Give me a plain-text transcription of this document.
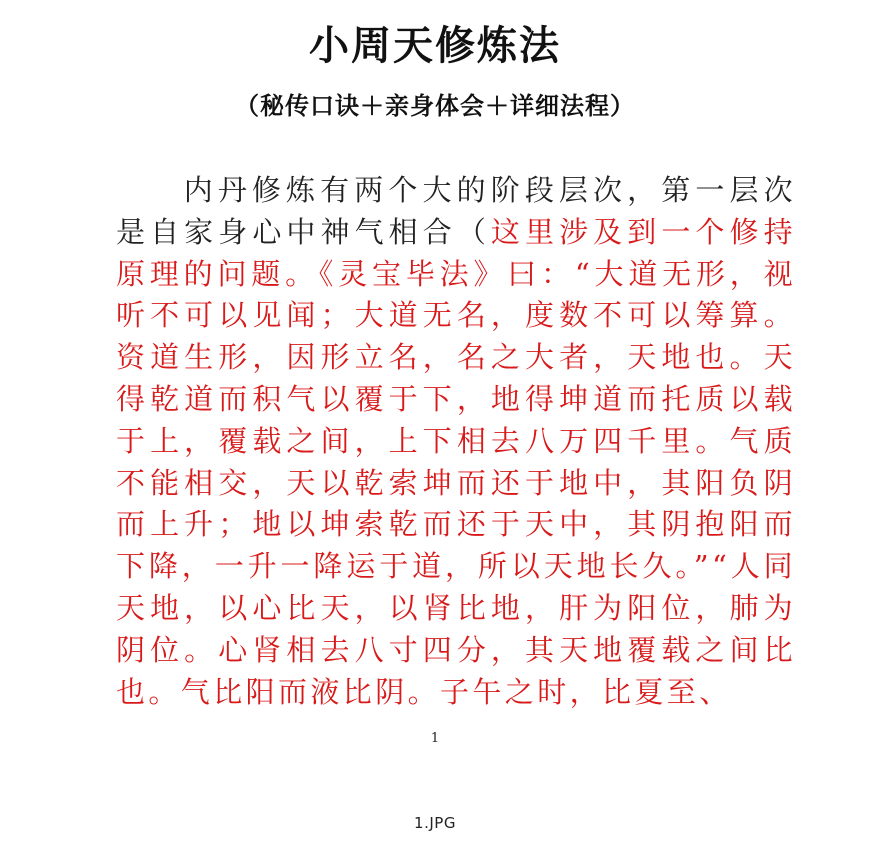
小周天修炼法
（秘传口诀＋亲身体会＋详细法程）

内丹修炼有两个大的阶段层次，第一层次是自家身心中神气相合（这里涉及到一个修持原理的问题。《灵宝毕法》曰：“大道无形，视听不可以见闻；大道无名，度数不可以筹算。资道生形，因形立名，名之大者，天地也。天得乾道而积气以覆于下，地得坤道而托质以载于上，覆载之间，上下相去八万四千里。气质不能相交，天以乾索坤而还于地中，其阳负阴而上升；地以坤索乾而还于天中，其阴抱阳而下降，一升一降运于道，所以天地长久。”“人同天地，以心比天，以肾比地，肝为阳位，肺为阴位。心肾相去八寸四分，其天地覆载之间比也。气比阳而液比阴。子午之时，比夏至、

1
1.JPG
